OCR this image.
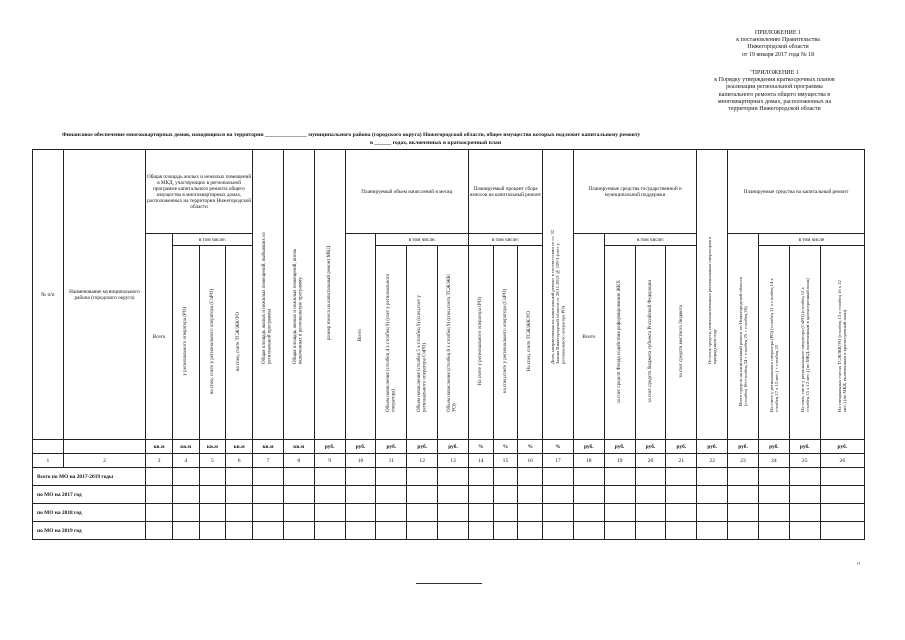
ПРИЛОЖЕНИЕ 1
к постановлению Правительства
Нижегородской области
от 19 января 2017 года № 18
"ПРИЛОЖЕНИЕ 1
к Порядку утверждения краткосрочных планов
реализации региональной программы
капитального ремонта общего имущества в
многоквартирных домах, расположенных на
территории Нижегородской области
Финансовое обеспечение многоквартирных домов, находящихся на территории _______________ муниципального района (городского округа) Нижегородской области, общее имущество которых подлежит капитальному ремонту
в ______ годах, включенных в краткосрочный план
№ п/п	Наименование муниципального района (городского округа)	Общая площадь жилых и нежилых помещений в МКД, участвующих в региональной программе капитального ремонта общего имущества в многоквартирных домах, расположенных на территории Нижегородской области				Общая площадь жилых и нежилых помещений, выбывших из региональной программы	Общая площадь жилых и нежилых помещений, вновь включенных в региональную программу	размер взноса на капитальный ремонт МКД	Планируемый объем начислений в месяц				Планируемый процент сбора взносов на капитальный ремонт			Доля, направляемая на капитальный ремонт в соответствии со ст. 32 Закона Нижегородской области от 28.11.2013 № 159-З (счет у регионального оператора РО)	Планируемые средства государственной и муниципальной поддержки				Остаток средств, неиспользованных региональным оператором в предыдущем году	Планируемые средства на капитальный ремонт			
		Всего	в том числе:						Всего	в том числе:			в том числе:				Всего	в том числе:				Всего средств на капитальный ремонт по Нижегородской области (столбец 18+столбец 24 + столбец 25 + столбец 26)	в том числе		
			у регионального оператора (РО)	на спец. счете у регионального оператора (СчРО)	на спец. счете ТСЖ/ЖК/УО					Объем начисления (столбец 4 х столбец 9) (счет у регионального оператора)	Объем начисления (столбец 5 х столбец 9) (спец.счет у регионального оператора СчРО)	Объем начисления (столбец 6 х столбец 9) (спец.счета ТСЖ/ЖК/УО)	На счете у регионального оператора (РО)	на спец.счете у регионального оператора (СчРО)	На спец. счете ТСЖ/ЖК/УО			за счет средств Фонда содействия реформированию ЖКХ	за счет средств бюджета субъекта Российской Федерации	за счет средств местного бюджета			На счете у регионального оператора (РО) (столбец 11 х столбец 14 х столбец 17 х 12 мес.) + столбец 22	На спец. счете у регионального оператора (СчРО) (столбец 12 х столбец 15 х 12 мес.) (по МКД, включенным в краткосрочный план)	На специальных счетах ТСЖ/ЖК/УО (столбец 13 х столбец 16 х 12 мес.) (по МКД, включенным в краткосрочный план)
		кв.м	кв.м	кв.м	кв.м	кв.м	кв.м	руб.	руб.	руб.	руб.	руб.	%	%	%	%	руб.	руб.	руб.	руб.	руб.	руб.	руб.	руб.	руб.
1	2	3	4	5	6	7	8	9	10	11	12	13	14	15	16	17	18	19	20	21	22	23	24	25	26
Всего по МО на 2017-2019 годы																									
по МО на 2017 год																									
по МО на 2018 год																									
по МО на 2019 год																									
"
